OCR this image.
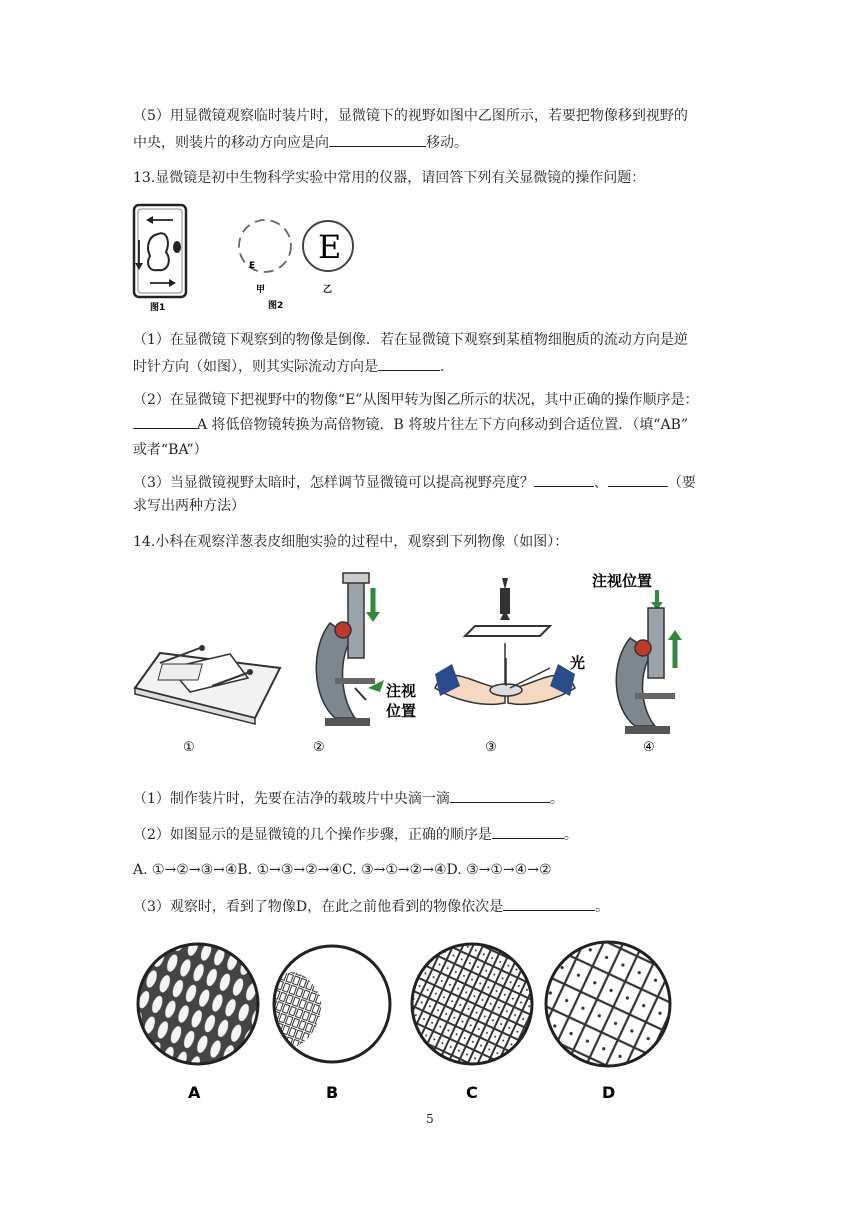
（5）用显微镜观察临时装片时，显微镜下的视野如图中乙图所示，若要把物像移到视野的
中央，则装片的移动方向应是向	移动。
13.显微镜是初中生物科学实验中常用的仪器，请回答下列有关显微镜的操作问题：
图1
E
甲
图2
E
乙
（1）在显微镜下观察到的物像是倒像．若在显微镜下观察到某植物细胞质的流动方向是逆
时针方向（如图），则其实际流动方向是	．
（2）在显微镜下把视野中的物像“E”从图甲转为图乙所示的状况，其中正确的操作顺序是：
A 将低倍物镜转换为高倍物镜．B 将玻片往左下方向移动到合适位置．（填“AB”
或者“BA”）
（3）当显微镜视野太暗时，怎样调节显微镜可以提高视野亮度？	、	（要
求写出两种方法）
14.小科在观察洋葱表皮细胞实验的过程中，观察到下列物像（如图）：
①
注视
位置
②
光
③
注视位置
④
（1）制作装片时，先要在洁净的载玻片中央滴一滴	。
（2）如图显示的是显微镜的几个操作步骤，正确的顺序是	。
A. ①→②→③→④B. ①→③→②→④C. ③→①→②→④D. ③→①→④→②
（3）观察时，看到了物像D，在此之前他看到的物像依次是	。
A	B	C	D
5
